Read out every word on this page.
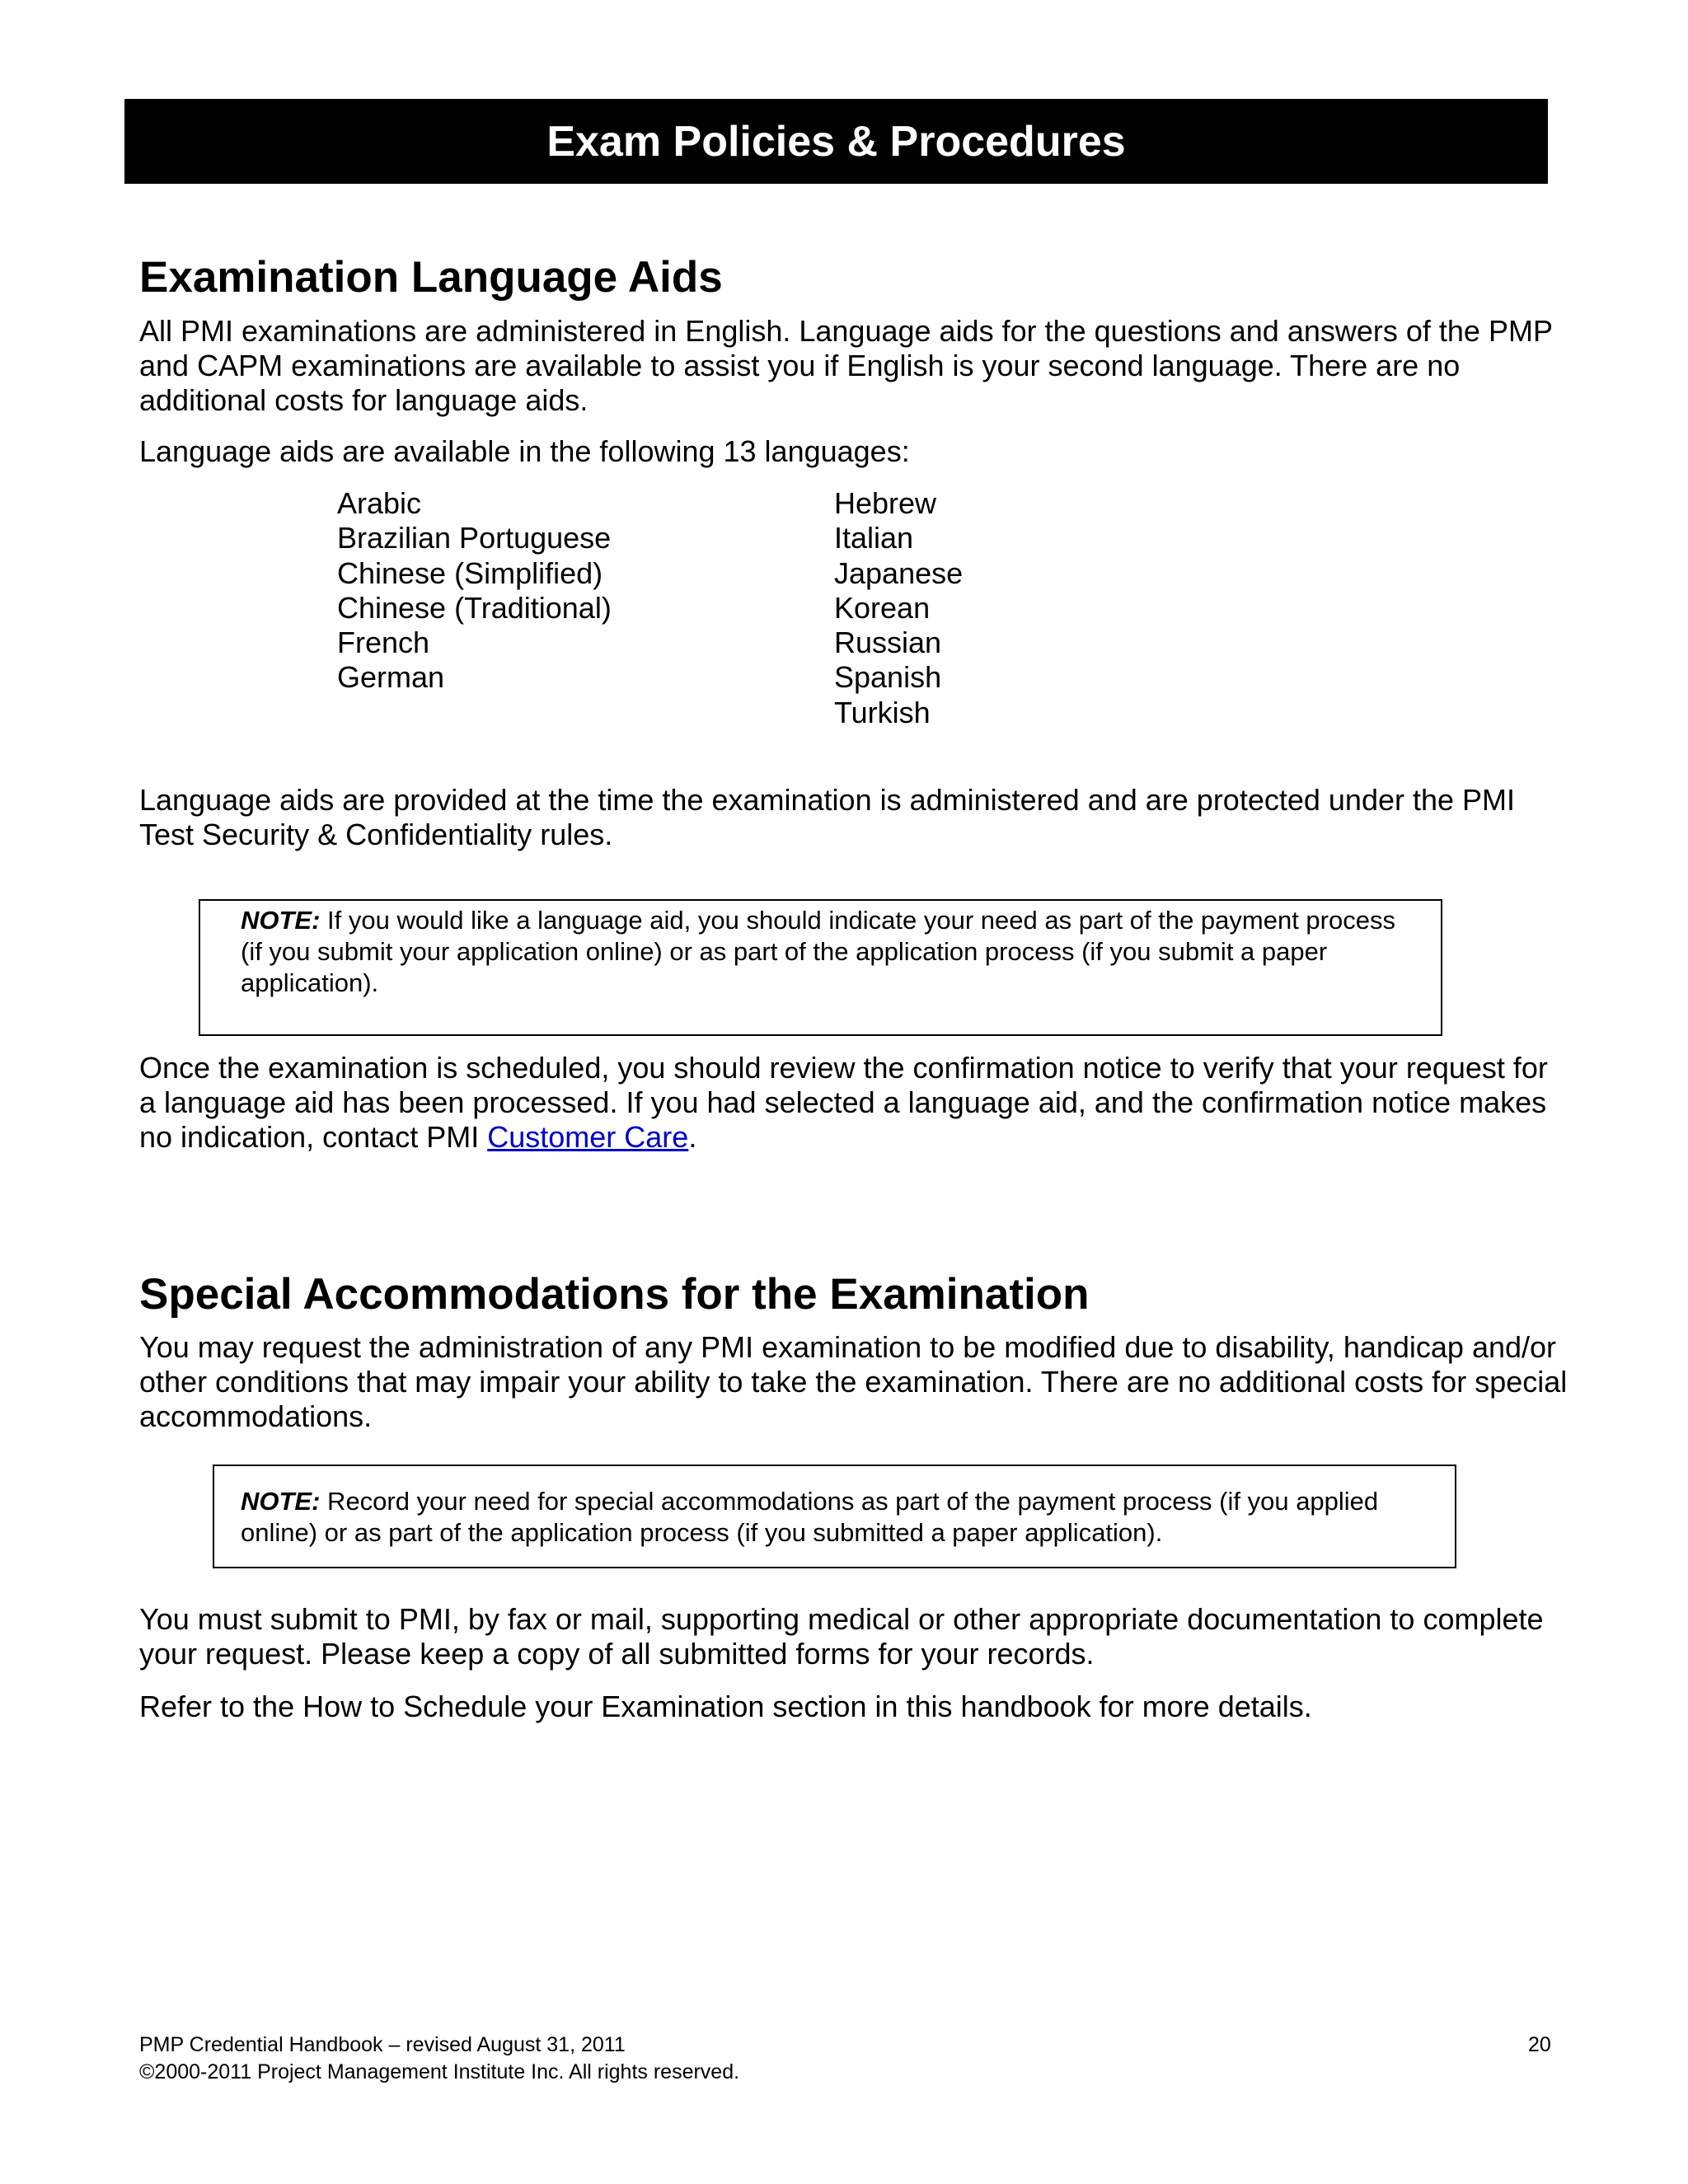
Exam Policies & Procedures
Examination Language Aids

All PMI examinations are administered in English. Language aids for the questions and answers of the PMP and CAPM examinations are available to assist you if English is your second language. There are no additional costs for language aids.

Language aids are available in the following 13 languages:

Arabic
Brazilian Portuguese
Chinese (Simplified)
Chinese (Traditional)
French
German
Hebrew
Italian
Japanese
Korean
Russian
Spanish
Turkish

Language aids are provided at the time the examination is administered and are protected under the PMI Test Security & Confidentiality rules.

NOTE: If you would like a language aid, you should indicate your need as part of the payment process (if you submit your application online) or as part of the application process (if you submit a paper application).

Once the examination is scheduled, you should review the confirmation notice to verify that your request for a language aid has been processed. If you had selected a language aid, and the confirmation notice makes no indication, contact PMI Customer Care.

Special Accommodations for the Examination

You may request the administration of any PMI examination to be modified due to disability, handicap and/or other conditions that may impair your ability to take the examination. There are no additional costs for special accommodations.

NOTE: Record your need for special accommodations as part of the payment process (if you applied online) or as part of the application process (if you submitted a paper application).

You must submit to PMI, by fax or mail, supporting medical or other appropriate documentation to complete your request. Please keep a copy of all submitted forms for your records.

Refer to the How to Schedule your Examination section in this handbook for more details.

PMP Credential Handbook – revised August 31, 2011
©2000-2011 Project Management Institute Inc. All rights reserved.
20
